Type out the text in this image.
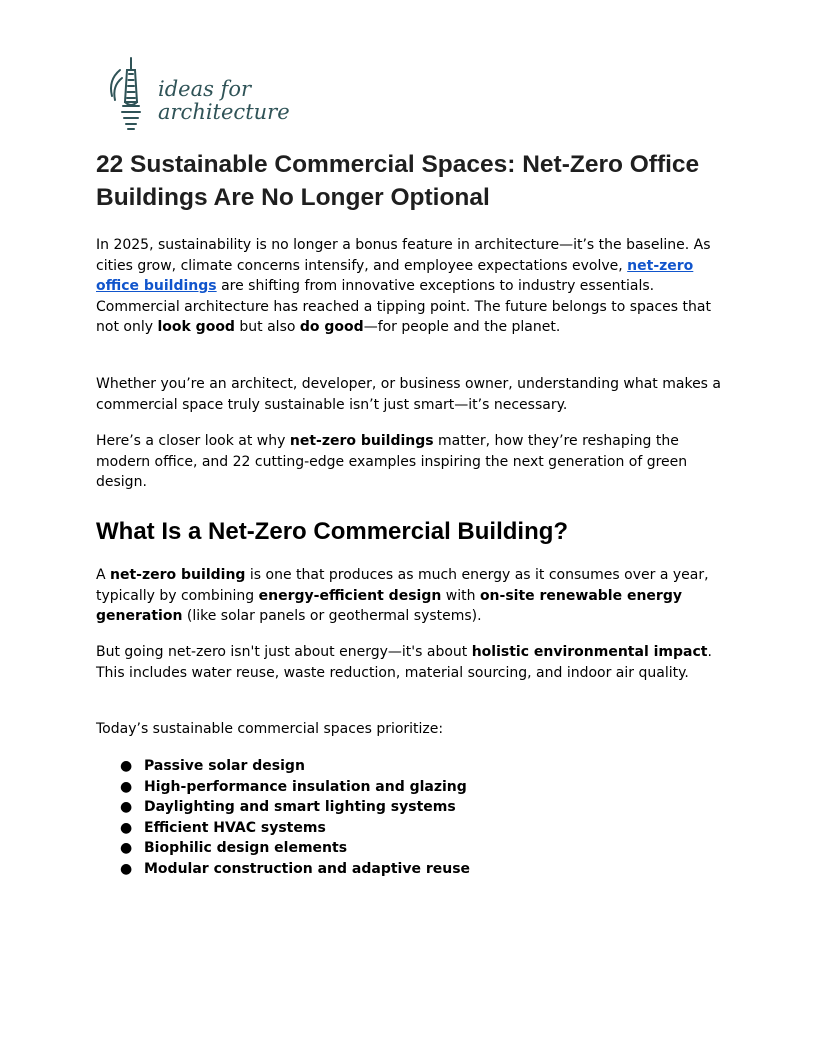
ideas for
architecture
22 Sustainable Commercial Spaces: Net-Zero Office Buildings Are No Longer Optional

In 2025, sustainability is no longer a bonus feature in architecture—it’s the baseline. As cities grow, climate concerns intensify, and employee expectations evolve, net-zero office buildings are shifting from innovative exceptions to industry essentials. Commercial architecture has reached a tipping point. The future belongs to spaces that not only look good but also do good—for people and the planet.

Whether you’re an architect, developer, or business owner, understanding what makes a commercial space truly sustainable isn’t just smart—it’s necessary.

Here’s a closer look at why net-zero buildings matter, how they’re reshaping the modern office, and 22 cutting-edge examples inspiring the next generation of green design.

What Is a Net-Zero Commercial Building?

A net-zero building is one that produces as much energy as it consumes over a year, typically by combining energy-efficient design with on-site renewable energy generation (like solar panels or geothermal systems).

But going net-zero isn't just about energy—it's about holistic environmental impact. This includes water reuse, waste reduction, material sourcing, and indoor air quality.

Today’s sustainable commercial spaces prioritize:

● Passive solar design
● High-performance insulation and glazing
● Daylighting and smart lighting systems
● Efficient HVAC systems
● Biophilic design elements
● Modular construction and adaptive reuse
